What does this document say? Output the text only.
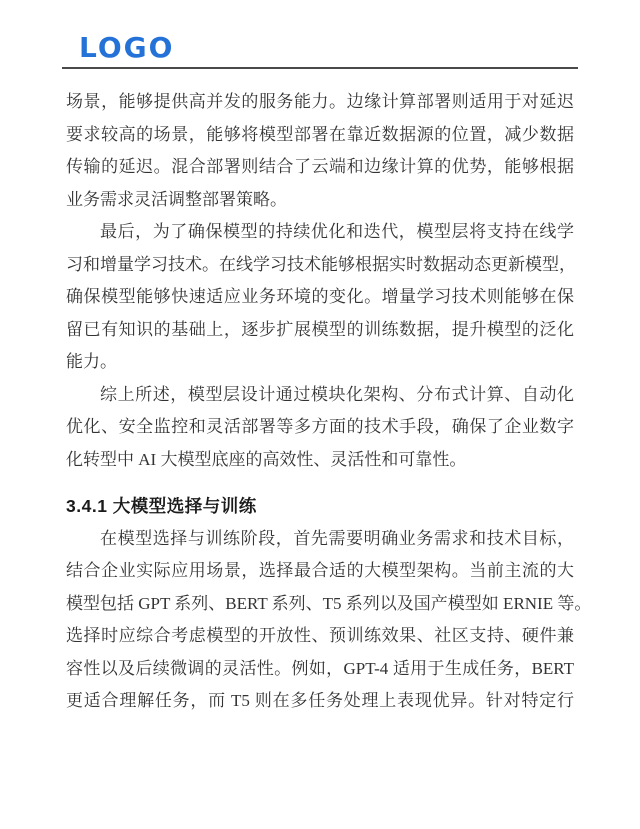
LOGO
场景，能够提供高并发的服务能力。边缘计算部署则适用于对延迟
要求较高的场景，能够将模型部署在靠近数据源的位置，减少数据
传输的延迟。混合部署则结合了云端和边缘计算的优势，能够根据
业务需求灵活调整部署策略。
最后，为了确保模型的持续优化和迭代，模型层将支持在线学
习和增量学习技术。在线学习技术能够根据实时数据动态更新模型，
确保模型能够快速适应业务环境的变化。增量学习技术则能够在保
留已有知识的基础上，逐步扩展模型的训练数据，提升模型的泛化
能力。
综上所述，模型层设计通过模块化架构、分布式计算、自动化
优化、安全监控和灵活部署等多方面的技术手段，确保了企业数字
化转型中 AI 大模型底座的高效性、灵活性和可靠性。
3.4.1 大模型选择与训练
在模型选择与训练阶段，首先需要明确业务需求和技术目标，
结合企业实际应用场景，选择最合适的大模型架构。当前主流的大
模型包括 GPT 系列、BERT 系列、T5 系列以及国产模型如 ERNIE 等。
选择时应综合考虑模型的开放性、预训练效果、社区支持、硬件兼
容性以及后续微调的灵活性。例如，GPT-4 适用于生成任务，BERT
更适合理解任务，而 T5 则在多任务处理上表现优异。针对特定行
